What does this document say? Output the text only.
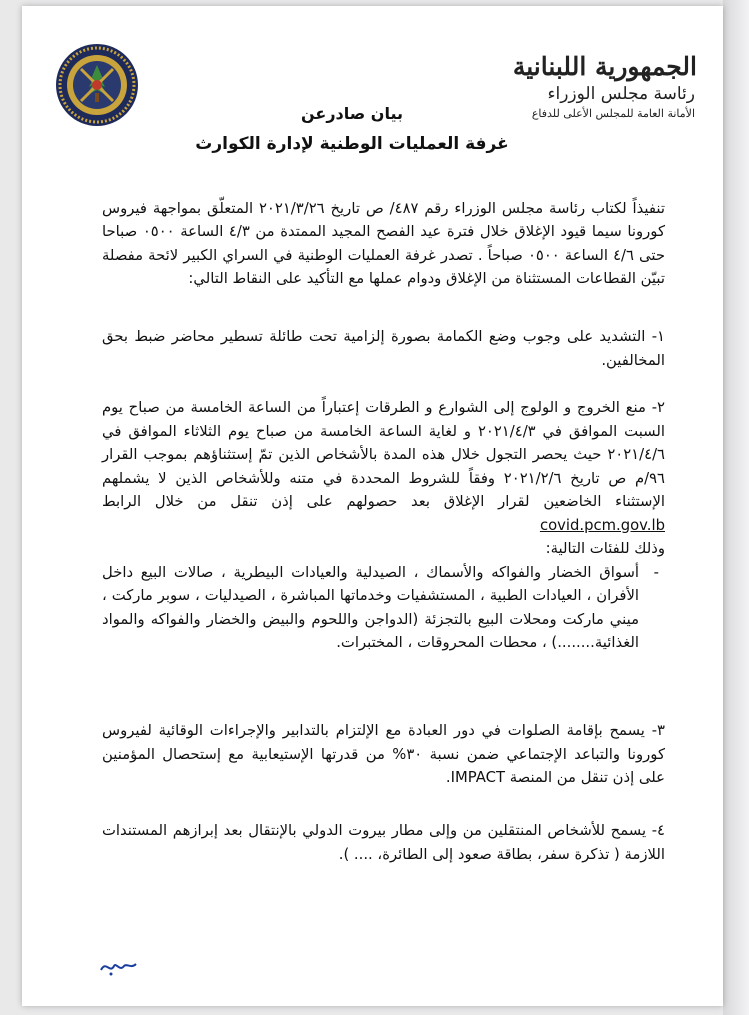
الجمهورية اللبنانية
رئاسة مجلس الوزراء
الأمانة العامة للمجلس الأعلى للدفاع
بيان صادرعن
غرفة العمليات الوطنية لإدارة الكوارث

تنفيذاً لكتاب رئاسة مجلس الوزراء رقم ٤٨٧/ ص تاريخ ٢٠٢١/٣/٢٦ المتعلّق بمواجهة فيروس كورونا سيما قيود الإغلاق خلال فترة عيد الفصح المجيد الممتدة من ٤/٣ الساعة ٠٥٠٠ صباحا حتى ٤/٦ الساعة ٠٥٠٠ صباحاً . تصدر غرفة العمليات الوطنية في السراي الكبير لائحة مفصلة تبيّن القطاعات المستثناة من الإغلاق ودوام عملها مع التأكيد على النقاط التالي:

١- التشديد على وجوب وضع الكمامة بصورة إلزامية تحت طائلة تسطير محاضر ضبط بحق المخالفين.

٢- منع الخروج و الولوج إلى الشوارع و الطرقات إعتباراً من الساعة الخامسة من صباح يوم السبت الموافق في ٢٠٢١/٤/٣ و لغاية الساعة الخامسة من صباح يوم الثلاثاء الموافق في ٢٠٢١/٤/٦ حيث يحصر التجول خلال هذه المدة بالأشخاص الذين تمّ إستثناؤهم بموجب القرار ٩٦/م ص تاريخ ٢٠٢١/٢/٦ وفقاً للشروط المحددة في متنه وللأشخاص الذين لا يشملهم الإستثناء الخاضعين لقرار الإغلاق بعد حصولهم على إذن تنقل من خلال الرابط covid.pcm.gov.lb
وذلك للفئات التالية:
-
أسواق الخضار والفواكه والأسماك ، الصيدلية والعيادات البيطرية ، صالات البيع داخل الأفران ، العيادات الطبية ، المستشفيات وخدماتها المباشرة ، الصيدليات ، سوبر ماركت ، ميني ماركت ومحلات البيع بالتجزئة (الدواجن واللحوم والبيض والخضار والفواكه والمواد الغذائية........) ، محطات المحروقات ، المختبرات.

٣- يسمح بإقامة الصلوات في دور العبادة مع الإلتزام بالتدابير والإجراءات الوقائية لفيروس كورونا والتباعد الإجتماعي ضمن نسبة ٣٠% من قدرتها الإستيعابية مع إستحصال المؤمنين على إذن تنقل من المنصة IMPACT.

٤- يسمح للأشخاص المنتقلين من وإلى مطار بيروت الدولي بالإنتقال بعد إبرازهم المستندات اللازمة ( تذكرة سفر، بطاقة صعود إلى الطائرة، .... ).
